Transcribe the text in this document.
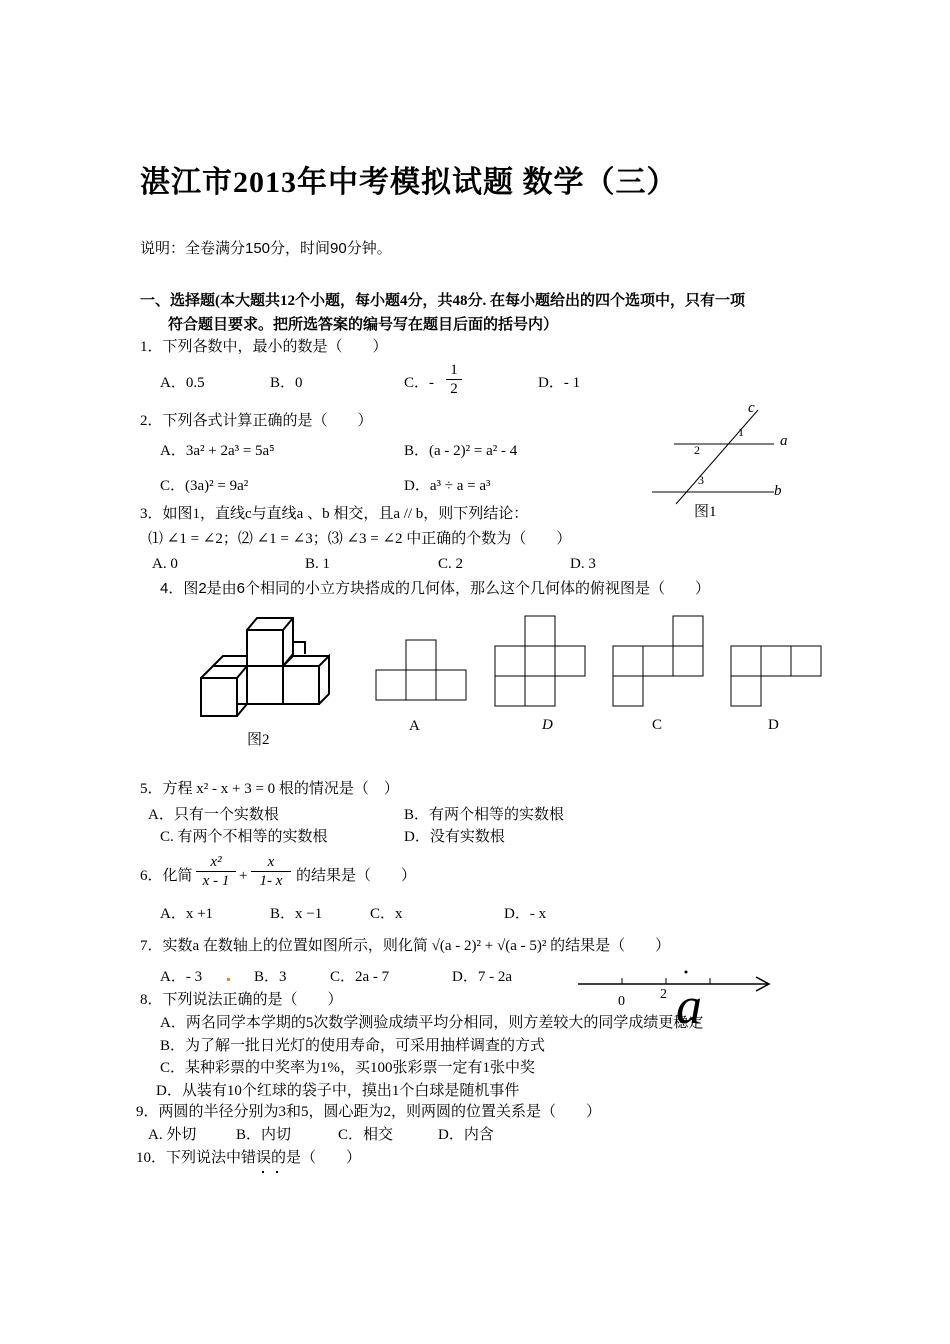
湛江市2013年中考模拟试题 数学（三）
说明：全卷满分150分，时间90分钟。
一、选择题(本大题共12个小题，每小题4分，共48分. 在每小题给出的四个选项中，只有一项
符合题目要求。把所选答案的编号写在题目后面的括号内）
1．下列各数中，最小的数是（　　）
A．0.5	B．0	C．- $\frac{1}{2}$	D．- 1
2．下列各式计算正确的是（　　）
A．3a² + 2a³ = 5a⁵	B．(a - 2)² = a² - 4
C．(3a)² = 9a²	D．a³ ÷ a = a³
c
a
b
1
2
3
图1
3．如图1，直线c与直线a 、b 相交，且a // b，则下列结论：
⑴ ∠1 = ∠2；⑵ ∠1 = ∠3；⑶ ∠3 = ∠2 中正确的个数为（　　）
A. 0	B. 1	C. 2	D. 3
4．图2是由6个相同的小立方块搭成的几何体，那么这个几何体的俯视图是（　　）
图2
A	D	C	D
5．方程 x² - x + 3 = 0 根的情况是（　）
A．只有一个实数根	B．有两个相等的实数根
C. 有两个不相等的实数根	D．没有实数根
6．化简 $\frac{\text{x²}}{x - 1} + \frac{x}{1- x}$ 的结果是（　　）
A．x +1	B．x −1	C．x	D．- x
7．实数a 在数轴上的位置如图所示，则化简 √(a - 2)² + √(a - 5)² 的结果是（　　）
A．- 3	B．3	C．2a - 7	D．7 - 2a
0	2 a
8．下列说法正确的是（　　）
A．两名同学本学期的5次数学测验成绩平均分相同，则方差较大的同学成绩更稳定
B．为了解一批日光灯的使用寿命，可采用抽样调查的方式
C．某种彩票的中奖率为1%，买100张彩票一定有1张中奖
D．从装有10个红球的袋子中，摸出1个白球是随机事件
9．两圆的半径分别为3和5，圆心距为2，则两圆的位置关系是（　　）
A. 外切	B．内切	C．相交	D．内含
10．下列说法中错误的是（　　）
